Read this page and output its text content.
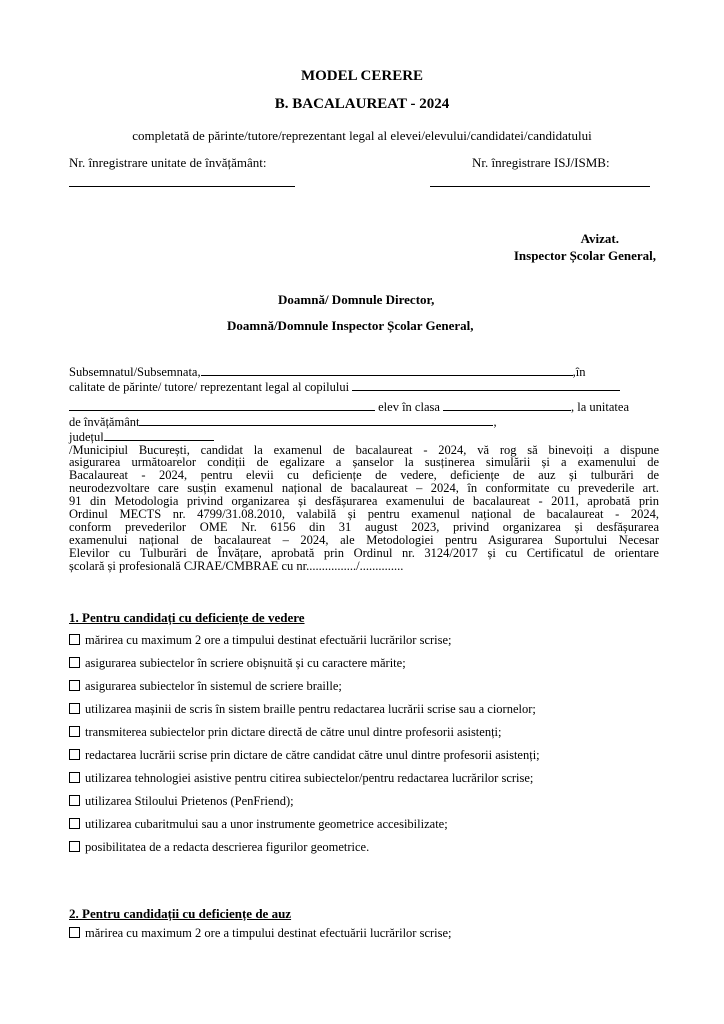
MODEL CERERE
B. BACALAUREAT - 2024
completată de părinte/tutore/reprezentant legal al elevei/elevului/candidatei/candidatului
Nr. înregistrare unitate de învățământ:	Nr. înregistrare ISJ/ISMB:
Avizat.
Inspector Școlar General,
Doamnă/ Domnule Director,
Doamnă/Domnule Inspector Școlar General,
Subsemnatul/Subsemnata,	,în
calitate de părinte/ tutore/ reprezentant legal al copilului
elev în clasa	, la unitatea
de învățământ	,
județul
/Municipiul București, candidat la examenul de bacalaureat - 2024, vă rog să binevoiți a dispune
asigurarea următoarelor condiții de egalizare a șanselor la susținerea simulării și a examenului de
Bacalaureat - 2024, pentru elevii cu deficiențe de vedere, deficiențe de auz și tulburări de
neurodezvoltare care susțin examenul național de bacalaureat – 2024, în conformitate cu prevederile art.
91 din Metodologia privind organizarea și desfășurarea examenului de bacalaureat - 2011, aprobată prin
Ordinul MECTS nr. 4799/31.08.2010, valabilă și pentru examenul național de bacalaureat - 2024,
conform prevederilor OME Nr. 6156 din 31 august 2023, privind organizarea și desfășurarea
examenului național de bacalaureat – 2024, ale Metodologiei pentru Asigurarea Suportului Necesar
Elevilor cu Tulburări de Învățare, aprobată prin Ordinul nr. 3124/2017 și cu Certificatul de orientare
școlară și profesională CJRAE/CMBRAE cu nr................/..............
1. Pentru candidați cu deficiențe de vedere
mărirea cu maximum 2 ore a timpului destinat efectuării lucrărilor scrise;
asigurarea subiectelor în scriere obișnuită și cu caractere mărite;
asigurarea subiectelor în sistemul de scriere braille;
utilizarea mașinii de scris în sistem braille pentru redactarea lucrării scrise sau a ciornelor;
transmiterea subiectelor prin dictare directă de către unul dintre profesorii asistenți;
redactarea lucrării scrise prin dictare de către candidat către unul dintre profesorii asistenți;
utilizarea tehnologiei asistive pentru citirea subiectelor/pentru redactarea lucrărilor scrise;
utilizarea Stiloului Prietenos (PenFriend);
utilizarea cubaritmului sau a unor instrumente geometrice accesibilizate;
posibilitatea de a redacta descrierea figurilor geometrice.
2. Pentru candidații cu deficiențe de auz
mărirea cu maximum 2 ore a timpului destinat efectuării lucrărilor scrise;
